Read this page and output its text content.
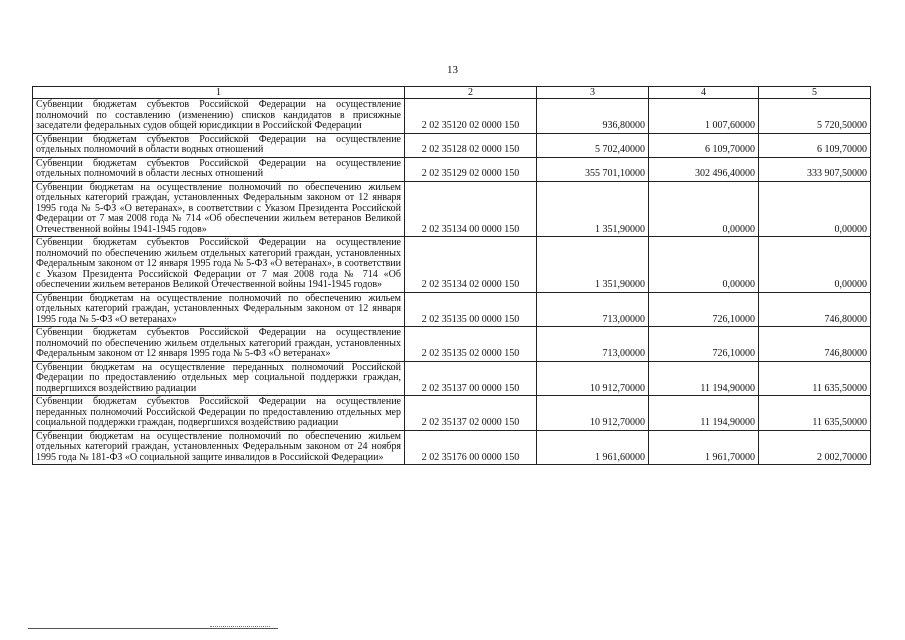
13
1	2	3	4	5
Субвенции бюджетам субъектов Российской Федерации на осуществление полномочий по составлению (изменению) списков кандидатов в присяжные заседатели федеральных судов общей юрисдикции в Российской Федерации	2 02 35120 02 0000 150	936,80000	1 007,60000	5 720,50000
Субвенции бюджетам субъектов Российской Федерации на осуществление отдельных полномочий в области водных отношений	2 02 35128 02 0000 150	5 702,40000	6 109,70000	6 109,70000
Субвенции бюджетам субъектов Российской Федерации на осуществление отдельных полномочий в области лесных отношений	2 02 35129 02 0000 150	355 701,10000	302 496,40000	333 907,50000
Субвенции бюджетам на осуществление полномочий по обеспечению жильем отдельных категорий граждан, установленных Федеральным законом от 12 января 1995 года № 5-ФЗ «О ветеранах», в соответствии с Указом Президента Российской Федерации от 7 мая 2008 года № 714 «Об обеспечении жильем ветеранов Великой Отечественной войны 1941-1945 годов»	2 02 35134 00 0000 150	1 351,90000	0,00000	0,00000
Субвенции бюджетам субъектов Российской Федерации на осуществление полномочий по обеспечению жильем отдельных категорий граждан, установленных Федеральным законом от 12 января 1995 года № 5-ФЗ «О ветеранах», в соответствии с Указом Президента Российской Федерации от 7 мая 2008 года № 714 «Об обеспечении жильем ветеранов Великой Отечественной войны 1941-1945 годов»	2 02 35134 02 0000 150	1 351,90000	0,00000	0,00000
Субвенции бюджетам на осуществление полномочий по обеспечению жильем отдельных категорий граждан, установленных Федеральным законом от 12 января 1995 года № 5-ФЗ «О ветеранах»	2 02 35135 00 0000 150	713,00000	726,10000	746,80000
Субвенции бюджетам субъектов Российской Федерации на осуществление полномочий по обеспечению жильем отдельных категорий граждан, установленных Федеральным законом от 12 января 1995 года № 5-ФЗ «О ветеранах»	2 02 35135 02 0000 150	713,00000	726,10000	746,80000
Субвенции бюджетам на осуществление переданных полномочий Российской Федерации по предоставлению отдельных мер социальной поддержки граждан, подвергшихся воздействию радиации	2 02 35137 00 0000 150	10 912,70000	11 194,90000	11 635,50000
Субвенции бюджетам субъектов Российской Федерации на осуществление переданных полномочий Российской Федерации по предоставлению отдельных мер социальной поддержки граждан, подвергшихся воздействию радиации	2 02 35137 02 0000 150	10 912,70000	11 194,90000	11 635,50000
Субвенции бюджетам на осуществление полномочий по обеспечению жильем отдельных категорий граждан, установленных Федеральным законом от 24 ноября 1995 года № 181-ФЗ «О социальной защите инвалидов в Российской Федерации»	2 02 35176 00 0000 150	1 961,60000	1 961,70000	2 002,70000
